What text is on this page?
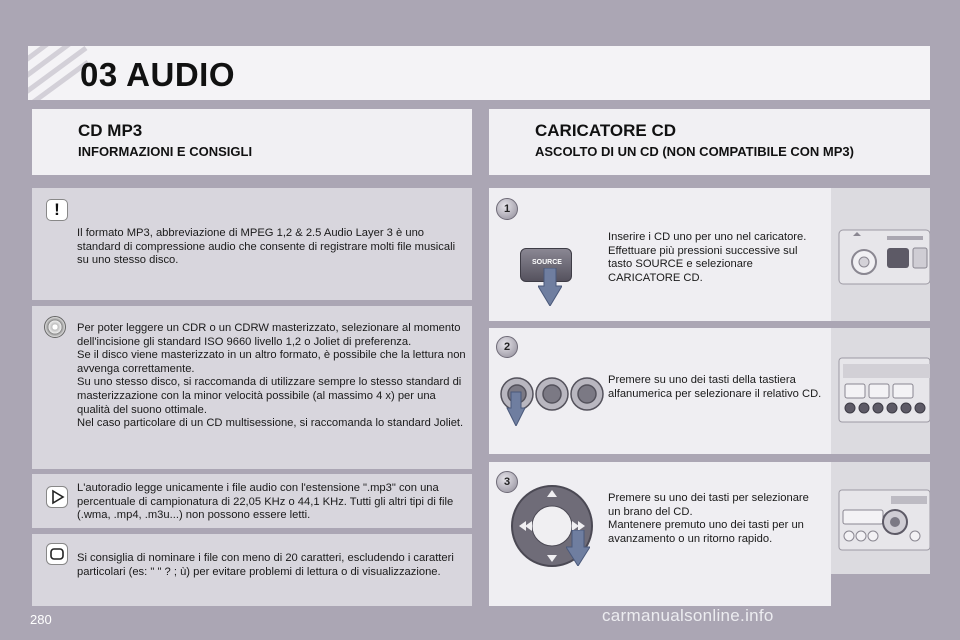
03 AUDIO
CD MP3
INFORMAZIONI E CONSIGLI
CARICATORE CD
ASCOLTO DI UN CD (NON COMPATIBILE CON MP3)
!
Il formato MP3, abbreviazione di MPEG 1,2 & 2.5 Audio Layer 3 è uno standard di compressione audio che consente di registrare molti file musicali su uno stesso disco.
Per poter leggere un CDR o un CDRW masterizzato, selezionare al momento dell'incisione gli standard ISO 9660 livello 1,2 o Joliet di preferenza.
Se il disco viene masterizzato in un altro formato, è possibile che la lettura non avvenga correttamente.
Su uno stesso disco, si raccomanda di utilizzare sempre lo stesso standard di masterizzazione con la minor velocità possibile (al massimo 4 x) per una qualità del suono ottimale.
Nel caso particolare di un CD multisessione, si raccomanda lo standard Joliet.
L'autoradio legge unicamente i file audio con l'estensione ".mp3" con una percentuale di campionatura di 22,05 KHz o 44,1 KHz. Tutti gli altri tipi di file (.wma, .mp4, .m3u...) non possono essere letti.
Si consiglia di nominare i file con meno di 20 caratteri, escludendo i caratteri particolari (es: " " ? ; ù) per evitare problemi di lettura o di visualizzazione.
1
SOURCE
Inserire i CD uno per uno nel caricatore.
Effettuare più pressioni successive sul tasto SOURCE e selezionare CARICATORE CD.
2
Premere su uno dei tasti della tastiera alfanumerica per selezionare il relativo CD.
3
Premere su uno dei tasti per selezionare un brano del CD.
Mantenere premuto uno dei tasti per un avanzamento o un ritorno rapido.
280	carmanualsonline.info
